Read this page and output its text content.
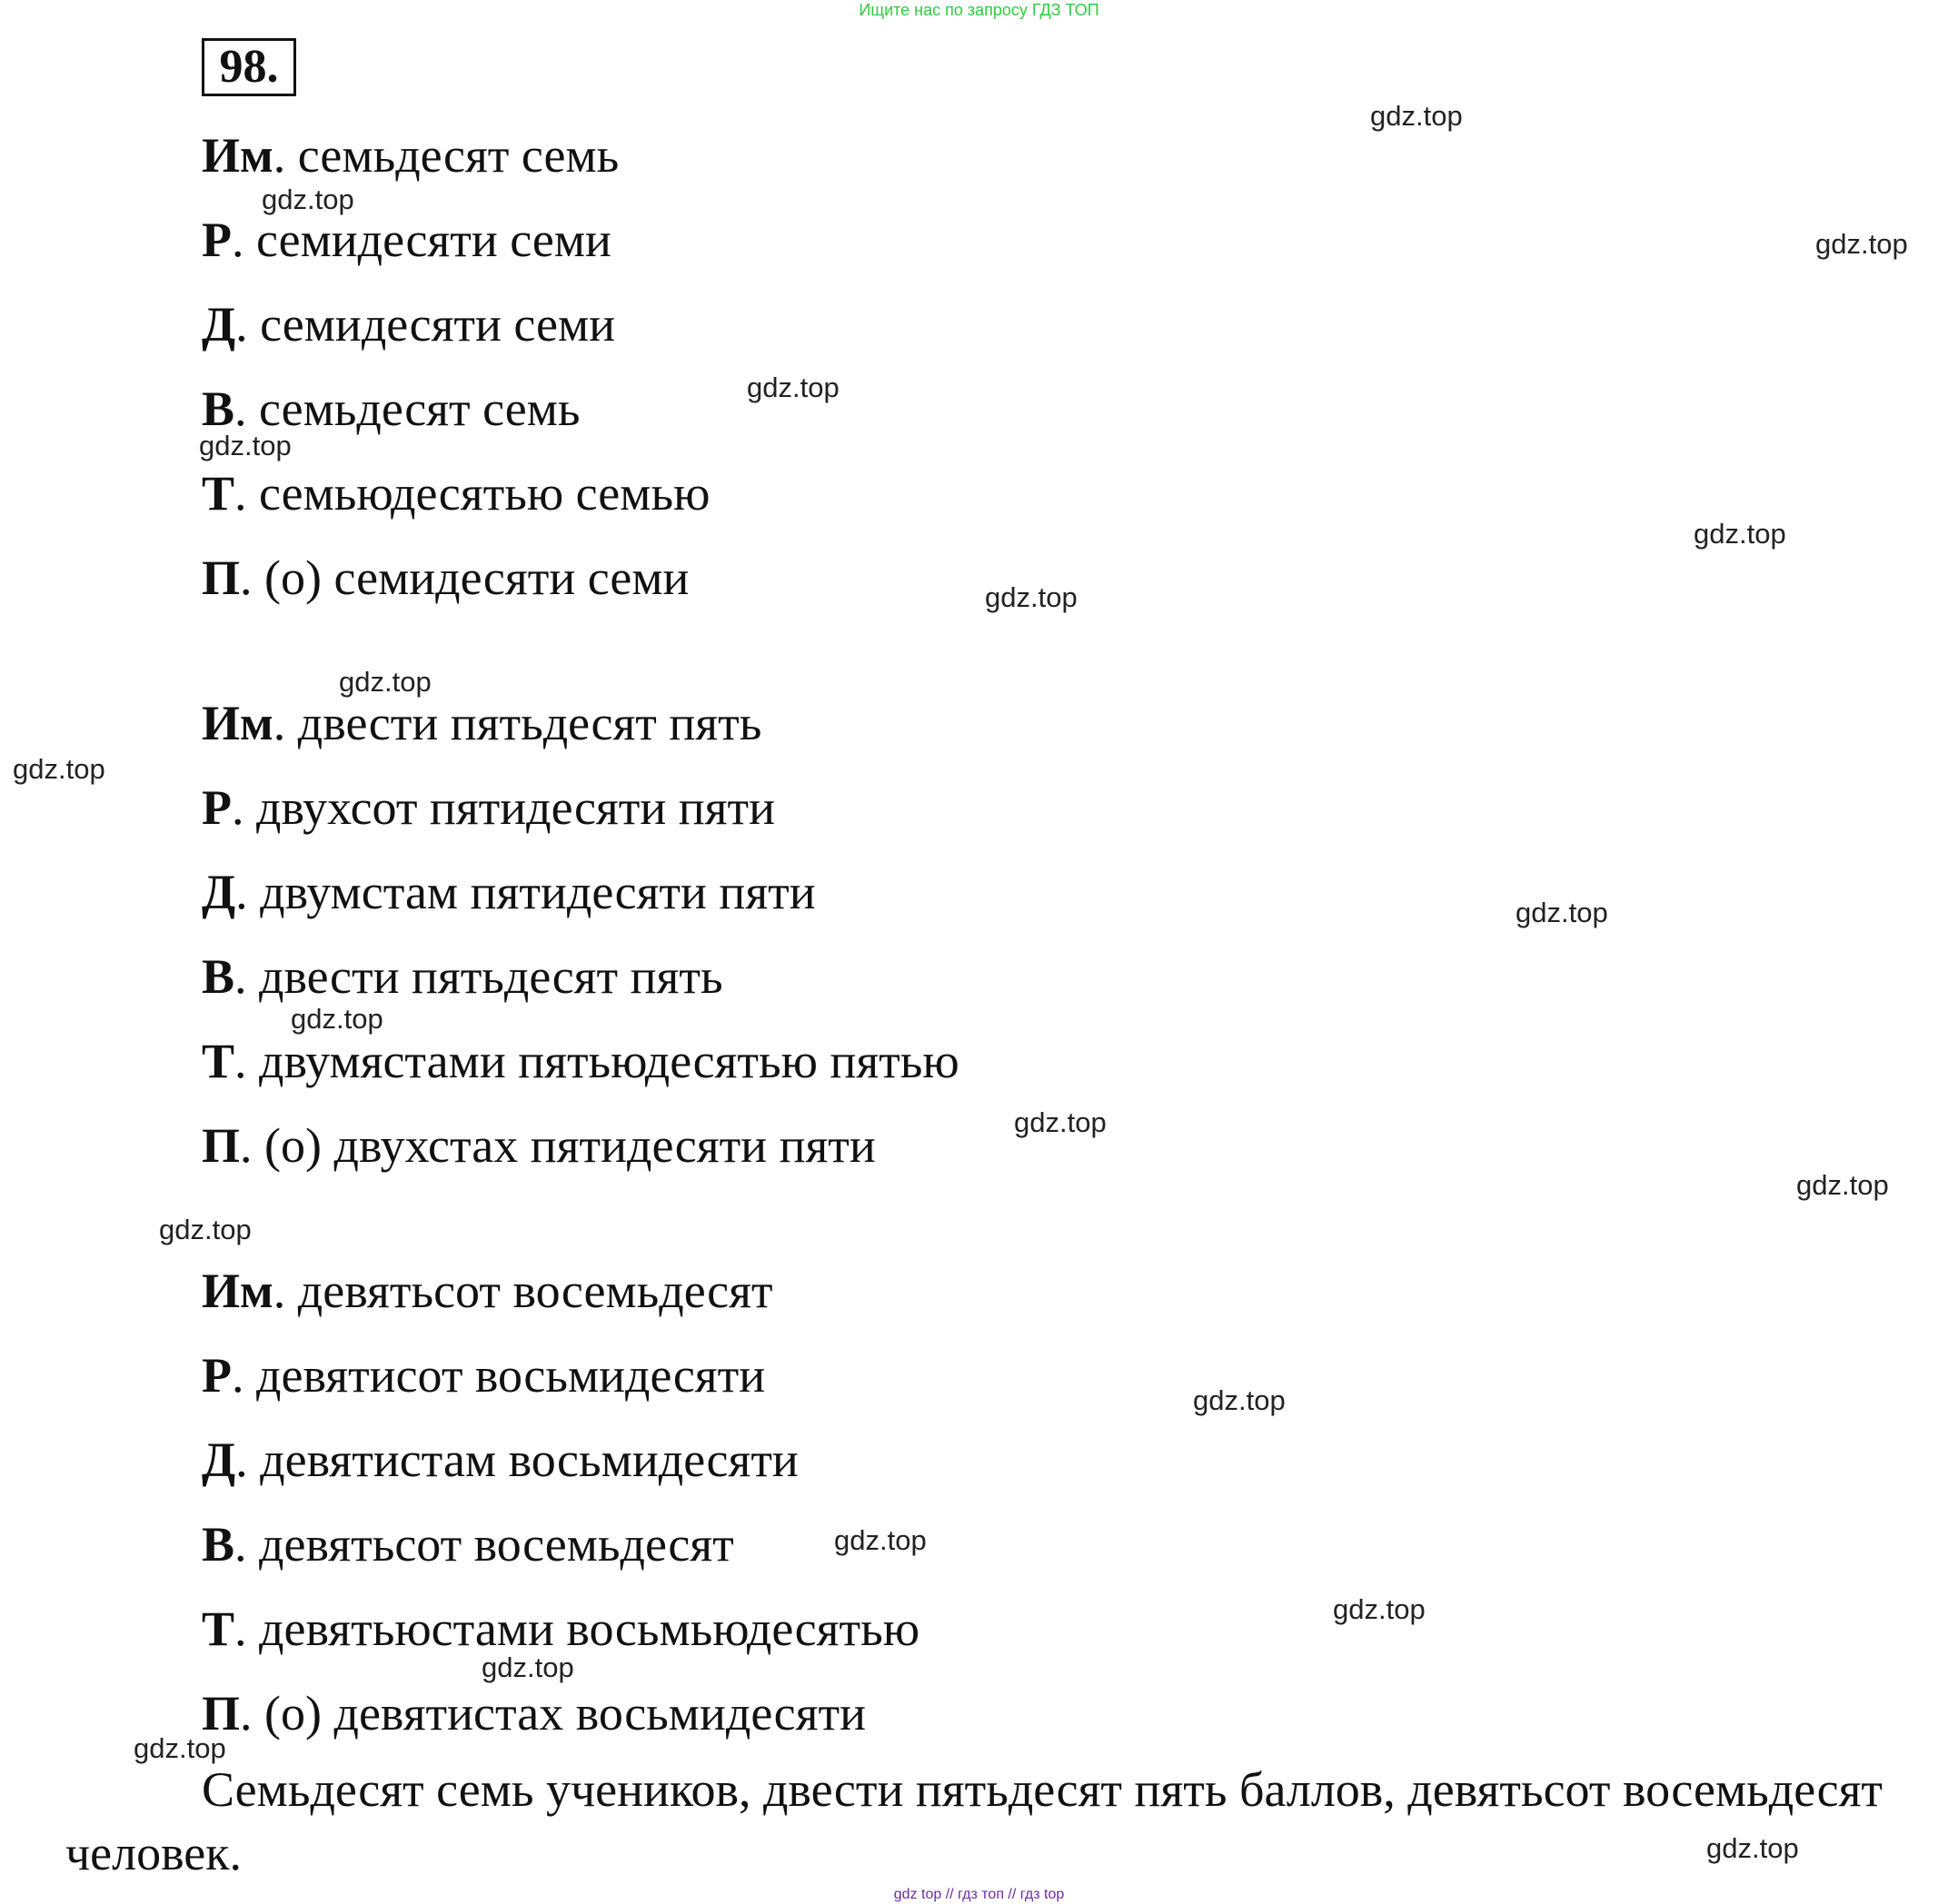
Ищите нас по запросу ГДЗ ТОП
98.
Им. семьдесят семь
Р. семидесяти семи
Д. семидесяти семи
В. семьдесят семь
Т. семьюдесятью семью
П. (о) семидесяти семи
Им. двести пятьдесят пять
Р. двухсот пятидесяти пяти
Д. двумстам пятидесяти пяти
В. двести пятьдесят пять
Т. двумястами пятьюдесятью пятью
П. (о) двухстах пятидесяти пяти
Им. девятьсот восемьдесят
Р. девятисот восьмидесяти
Д. девятистам восьмидесяти
В. девятьсот восемьдесят
Т. девятьюстами восьмьюдесятью
П. (о) девятистах восьмидесяти
Семьдесят семь учеников, двести пятьдесят пять баллов, девятьсот восемьдесят человек.
gdz.top
gdz.top
gdz.top
gdz.top
gdz.top
gdz.top
gdz.top
gdz.top
gdz.top
gdz.top
gdz.top
gdz.top
gdz.top
gdz.top
gdz.top
gdz.top
gdz.top
gdz.top
gdz.top
gdz.top
gdz top // гдз топ // гдз top
